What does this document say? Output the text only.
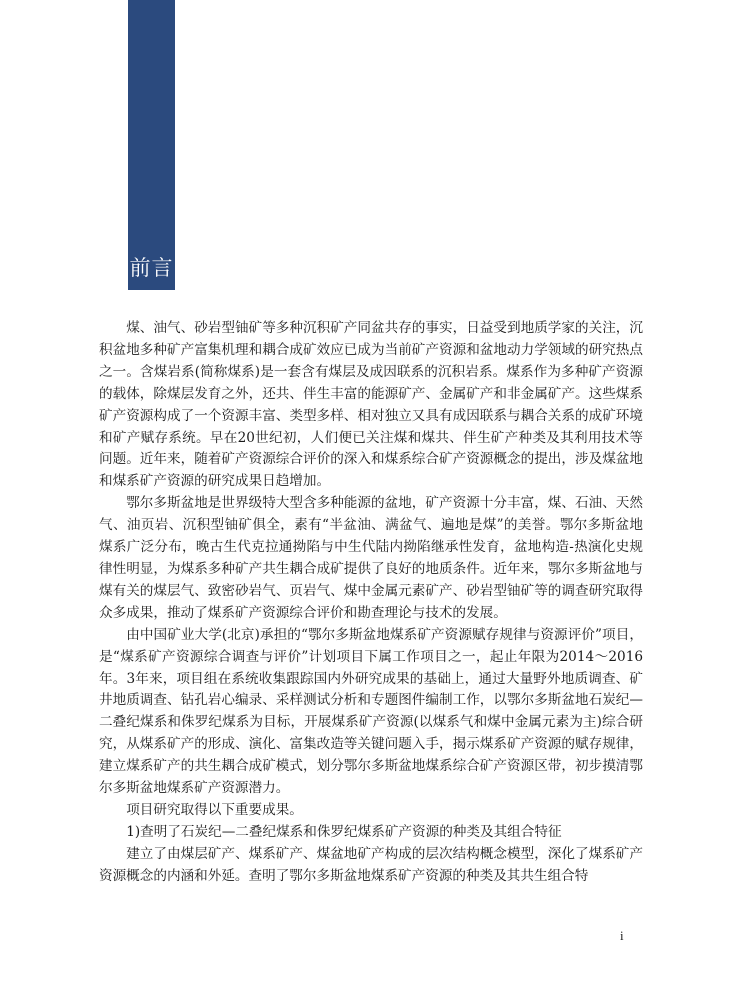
前言

煤、油气、砂岩型铀矿等多种沉积矿产同盆共存的事实，日益受到地质学家的关注，沉积盆地多种矿产富集机理和耦合成矿效应已成为当前矿产资源和盆地动力学领域的研究热点之一。含煤岩系(简称煤系)是一套含有煤层及成因联系的沉积岩系。煤系作为多种矿产资源的载体，除煤层发育之外，还共、伴生丰富的能源矿产、金属矿产和非金属矿产。这些煤系矿产资源构成了一个资源丰富、类型多样、相对独立又具有成因联系与耦合关系的成矿环境和矿产赋存系统。早在20世纪初，人们便已关注煤和煤共、伴生矿产种类及其利用技术等问题。近年来，随着矿产资源综合评价的深入和煤系综合矿产资源概念的提出，涉及煤盆地和煤系矿产资源的研究成果日趋增加。

鄂尔多斯盆地是世界级特大型含多种能源的盆地，矿产资源十分丰富，煤、石油、天然气、油页岩、沉积型铀矿俱全，素有“半盆油、满盆气、遍地是煤”的美誉。鄂尔多斯盆地煤系广泛分布，晚古生代克拉通拗陷与中生代陆内拗陷继承性发育，盆地构造-热演化史规律性明显，为煤系多种矿产共生耦合成矿提供了良好的地质条件。近年来，鄂尔多斯盆地与煤有关的煤层气、致密砂岩气、页岩气、煤中金属元素矿产、砂岩型铀矿等的调查研究取得众多成果，推动了煤系矿产资源综合评价和勘查理论与技术的发展。

由中国矿业大学(北京)承担的“鄂尔多斯盆地煤系矿产资源赋存规律与资源评价”项目，是“煤系矿产资源综合调查与评价”计划项目下属工作项目之一，起止年限为2014～2016年。3年来，项目组在系统收集跟踪国内外研究成果的基础上，通过大量野外地质调查、矿井地质调查、钻孔岩心编录、采样测试分析和专题图件编制工作，以鄂尔多斯盆地石炭纪—二叠纪煤系和侏罗纪煤系为目标，开展煤系矿产资源(以煤系气和煤中金属元素为主)综合研究，从煤系矿产的形成、演化、富集改造等关键问题入手，揭示煤系矿产资源的赋存规律，建立煤系矿产的共生耦合成矿模式，划分鄂尔多斯盆地煤系综合矿产资源区带，初步摸清鄂尔多斯盆地煤系矿产资源潜力。

项目研究取得以下重要成果。

1)查明了石炭纪—二叠纪煤系和侏罗纪煤系矿产资源的种类及其组合特征

建立了由煤层矿产、煤系矿产、煤盆地矿产构成的层次结构概念模型，深化了煤系矿产资源概念的内涵和外延。查明了鄂尔多斯盆地煤系矿产资源的种类及其共生组合特

i
